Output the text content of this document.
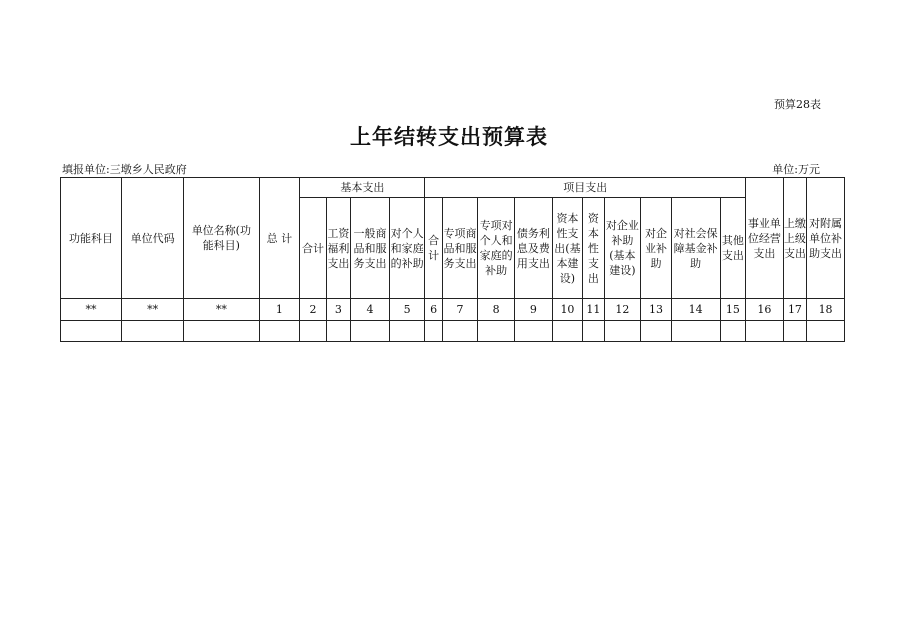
预算28表
上年结转支出预算表
填报单位:三墩乡人民政府	单位:万元
功能科目	单位代码	单位名称(功能科目)	总 计	基本支出				项目支出										事业单位经营支出	上缴上级支出	对附属单位补助支出
				合计	工资福利支出	一般商品和服务支出	对个人和家庭的补助	合计	专项商品和服务支出	专项对个人和家庭的补助	债务利息及费用支出	资本性支出(基本建设)	资本性支出	对企业补助(基本建设)	对企业补助	对社会保障基金补助	其他支出			
**	**	**	1	2	3	4	5	6	7	8	9	10	11	12	13	14	15	16	17	18
